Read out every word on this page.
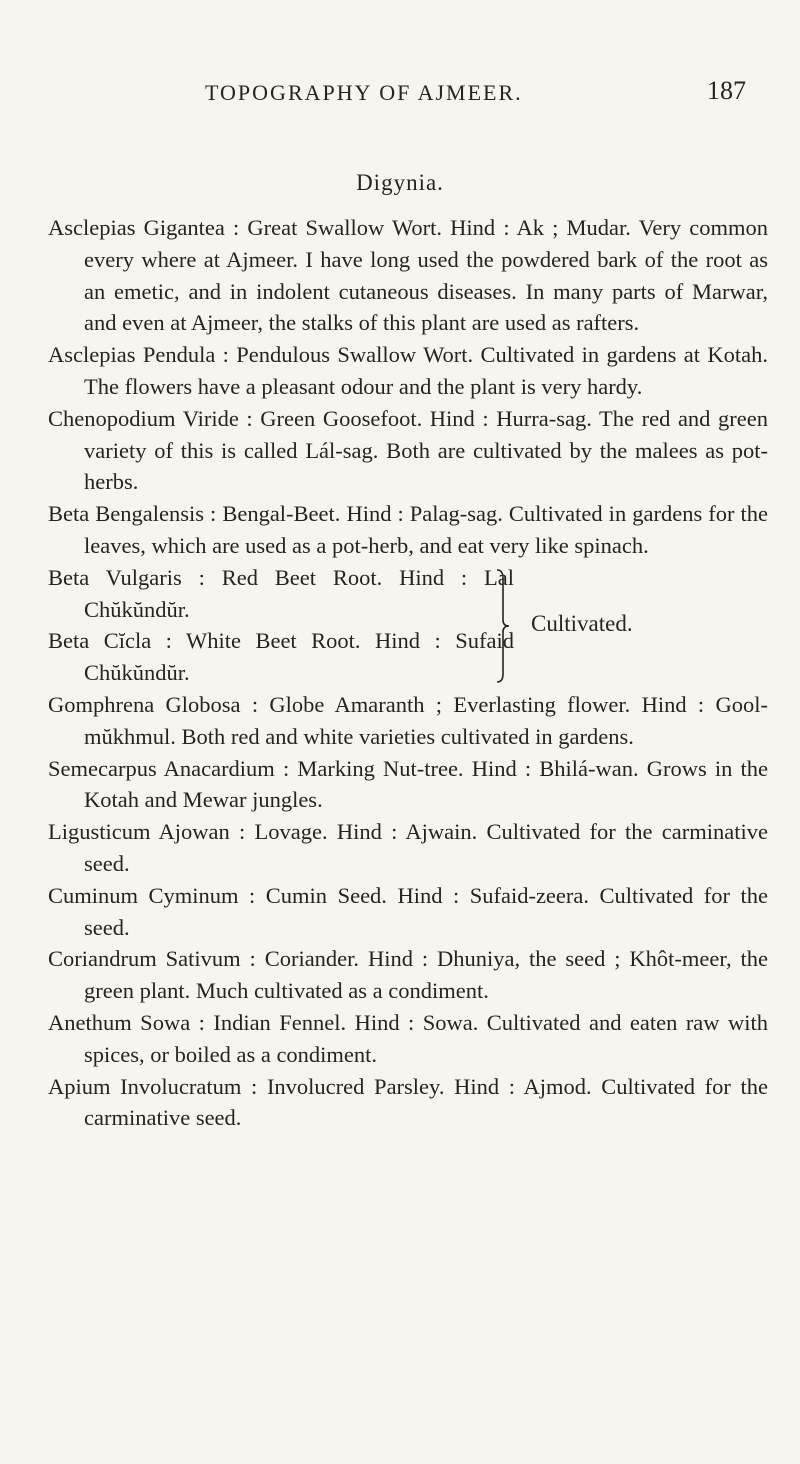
TOPOGRAPHY OF AJMEER.	187
Digynia.

Asclepias Gigantea : Great Swallow Wort. Hind : Ak ; Mudar. Very common every where at Ajmeer. I have long used the powdered bark of the root as an emetic, and in indolent cutaneous diseases. In many parts of Marwar, and even at Ajmeer, the stalks of this plant are used as rafters.

Asclepias Pendula : Pendulous Swallow Wort. Cultivated in gardens at Kotah. The flowers have a pleasant odour and the plant is very hardy.

Chenopodium Viride : Green Goosefoot. Hind : Hurra-sag. The red and green variety of this is called Lál-sag. Both are cultivated by the malees as pot-herbs.

Beta Bengalensis : Bengal-Beet. Hind : Palag-sag. Cultivated in gardens for the leaves, which are used as a pot-herb, and eat very like spinach.

Beta Vulgaris : Red Beet Root. Hind : Lal Chŭkŭndŭr.

Beta Cĭcla : White Beet Root. Hind : Sufaid Chŭkŭndŭr.

Cultivated.

Gomphrena Globosa : Globe Amaranth ; Everlasting flower. Hind : Gool-mŭkhmul. Both red and white varieties cultivated in gardens.

Semecarpus Anacardium : Marking Nut-tree. Hind : Bhilá-wan. Grows in the Kotah and Mewar jungles.

Ligusticum Ajowan : Lovage. Hind : Ajwain. Cultivated for the carminative seed.

Cuminum Cyminum : Cumin Seed. Hind : Sufaid-zeera. Cultivated for the seed.

Coriandrum Sativum : Coriander. Hind : Dhuniya, the seed ; Khôt-meer, the green plant. Much cultivated as a condiment.

Anethum Sowa : Indian Fennel. Hind : Sowa. Cultivated and eaten raw with spices, or boiled as a condiment.

Apium Involucratum : Involucred Parsley. Hind : Ajmod. Cultivated for the carminative seed.
